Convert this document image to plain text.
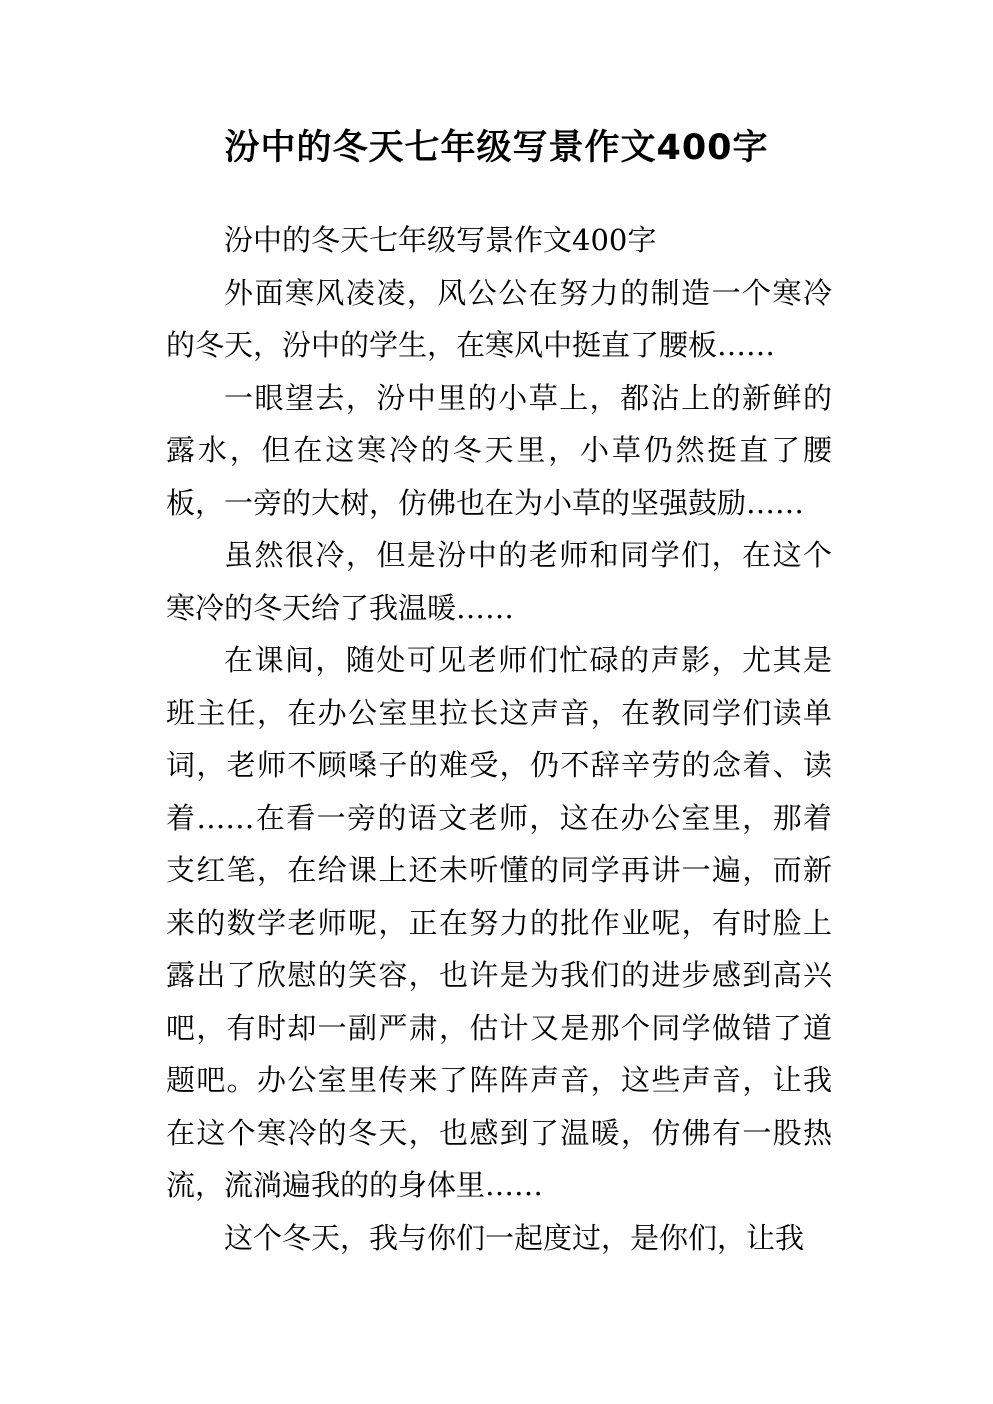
汾中的冬天七年级写景作文400字

汾中的冬天七年级写景作文400字

外面寒风凌凌，风公公在努力的制造一个寒冷的冬天，汾中的学生，在寒风中挺直了腰板……

一眼望去，汾中里的小草上，都沾上的新鲜的露水，但在这寒冷的冬天里，小草仍然挺直了腰板，一旁的大树，仿佛也在为小草的坚强鼓励……

虽然很冷，但是汾中的老师和同学们，在这个寒冷的冬天给了我温暖……

在课间，随处可见老师们忙碌的声影，尤其是班主任，在办公室里拉长这声音，在教同学们读单词，老师不顾嗓子的难受，仍不辞辛劳的念着、读着……在看一旁的语文老师，这在办公室里，那着支红笔，在给课上还未听懂的同学再讲一遍，而新来的数学老师呢，正在努力的批作业呢，有时脸上露出了欣慰的笑容，也许是为我们的进步感到高兴吧，有时却一副严肃，估计又是那个同学做错了道题吧。办公室里传来了阵阵声音，这些声音，让我在这个寒冷的冬天，也感到了温暖，仿佛有一股热流，流淌遍我的的身体里……

这个冬天，我与你们一起度过，是你们，让我
